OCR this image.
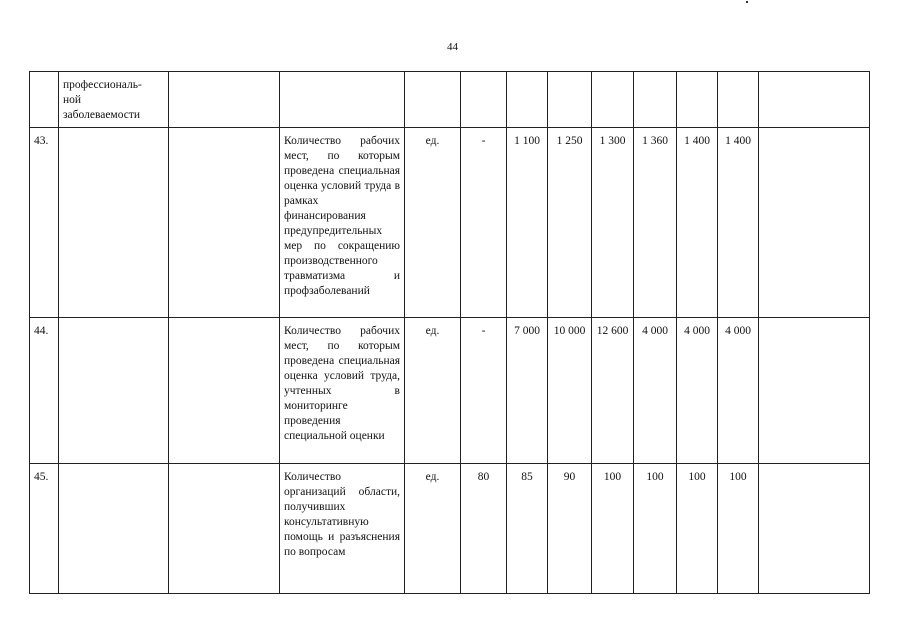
44

	профессиональ-
ной
заболеваемости											

43.			Количество рабочих мест, по которым проведена специальная оценка условий труда в рамках финансирования предупредительных мер по сокращению производственного травматизма и профзаболеваний	ед.	-	1 100	1 250	1 300	1 360	1 400	1 400	
44.			Количество рабочих мест, по которым проведена специальная оценка условий труда, учтенных в мониторинге проведения специальной оценки	ед.	-	7 000	10 000	12 600	4 000	4 000	4 000	
45.			Количество организаций области, получивших консультативную помощь и разъяснения по вопросам	ед.	80	85	90	100	100	100	100	
